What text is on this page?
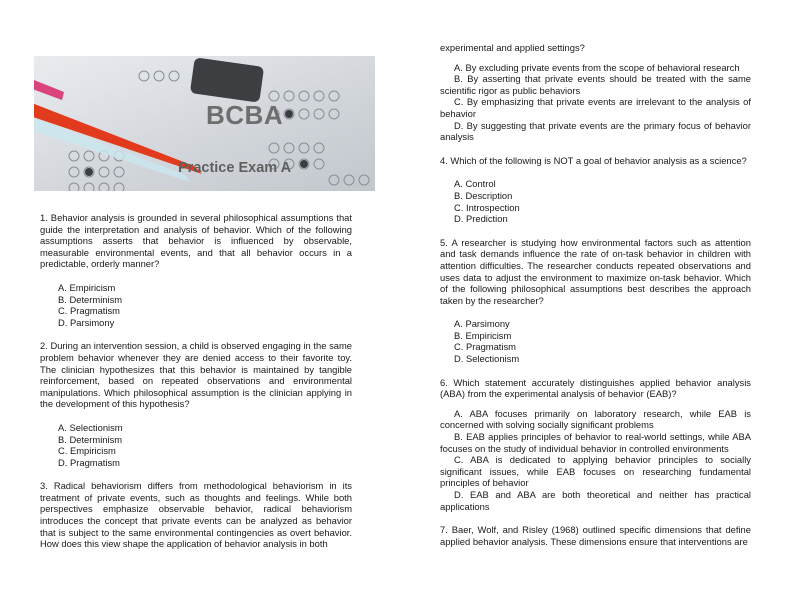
BCBA
Practice Exam A

1. Behavior analysis is grounded in several philosophical assumptions that guide the interpretation and analysis of behavior. Which of the following assumptions asserts that behavior is influenced by observable, measurable environmental events, and that all behavior occurs in a predictable, orderly manner?

A. Empiricism

B. Determinism

C. Pragmatism

D. Parsimony

2. During an intervention session, a child is observed engaging in the same problem behavior whenever they are denied access to their favorite toy. The clinician hypothesizes that this behavior is maintained by tangible reinforcement, based on repeated observations and environmental manipulations. Which philosophical assumption is the clinician applying in the development of this hypothesis?

A. Selectionism

B. Determinism

C. Empiricism

D. Pragmatism

3. Radical behaviorism differs from methodological behaviorism in its treatment of private events, such as thoughts and feelings. While both perspectives emphasize observable behavior, radical behaviorism introduces the concept that private events can be analyzed as behavior that is subject to the same environmental contingencies as overt behavior. How does this view shape the application of behavior analysis in both

experimental and applied settings?

A. By excluding private events from the scope of behavioral research

B. By asserting that private events should be treated with the same scientific rigor as public behaviors

C. By emphasizing that private events are irrelevant to the analysis of behavior

D. By suggesting that private events are the primary focus of behavior analysis

4. Which of the following is NOT a goal of behavior analysis as a science?

A. Control

B. Description

C. Introspection

D. Prediction

5. A researcher is studying how environmental factors such as attention and task demands influence the rate of on-task behavior in children with attention difficulties. The researcher conducts repeated observations and uses data to adjust the environment to maximize on-task behavior. Which of the following philosophical assumptions best describes the approach taken by the researcher?

A. Parsimony

B. Empiricism

C. Pragmatism

D. Selectionism

6. Which statement accurately distinguishes applied behavior analysis (ABA) from the experimental analysis of behavior (EAB)?

A. ABA focuses primarily on laboratory research, while EAB is concerned with solving socially significant problems

B. EAB applies principles of behavior to real-world settings, while ABA focuses on the study of individual behavior in controlled environments

C. ABA is dedicated to applying behavior principles to socially significant issues, while EAB focuses on researching fundamental principles of behavior

D. EAB and ABA are both theoretical and neither has practical applications

7. Baer, Wolf, and Risley (1968) outlined specific dimensions that define applied behavior analysis. These dimensions ensure that interventions are
